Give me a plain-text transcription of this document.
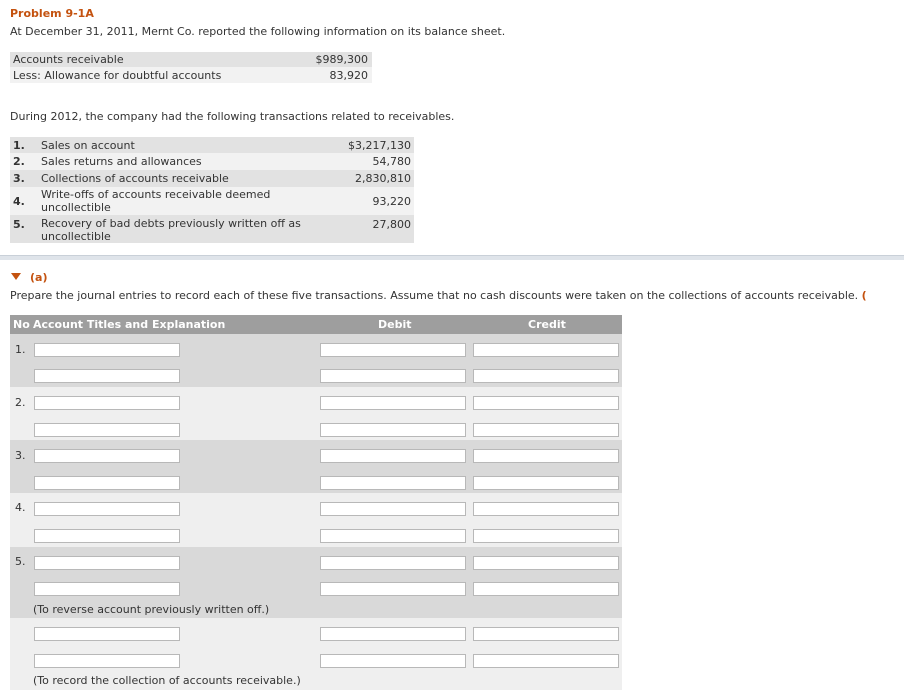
Problem 9-1A
At December 31, 2011, Mernt Co. reported the following information on its balance sheet.
Accounts receivable	$989,300
Less: Allowance for doubtful accounts	83,920
During 2012, the company had the following transactions related to receivables.
1. Sales on account	$3,217,130
2. Sales returns and allowances	54,780
3. Collections of accounts receivable	2,830,810
4.
Write-offs of accounts receivable deemed
uncollectible	93,220
5. Recovery of bad debts previously written off as
uncollectible
27,800
(a)
Prepare the journal entries to record each of these five transactions. Assume that no cash discounts were taken on the collections of accounts receivable. (
No Account Titles and Explanation	Debit	Credit
1.
2.
3.
4.
5.
(To reverse account previously written off.)
(To record the collection of accounts receivable.)
